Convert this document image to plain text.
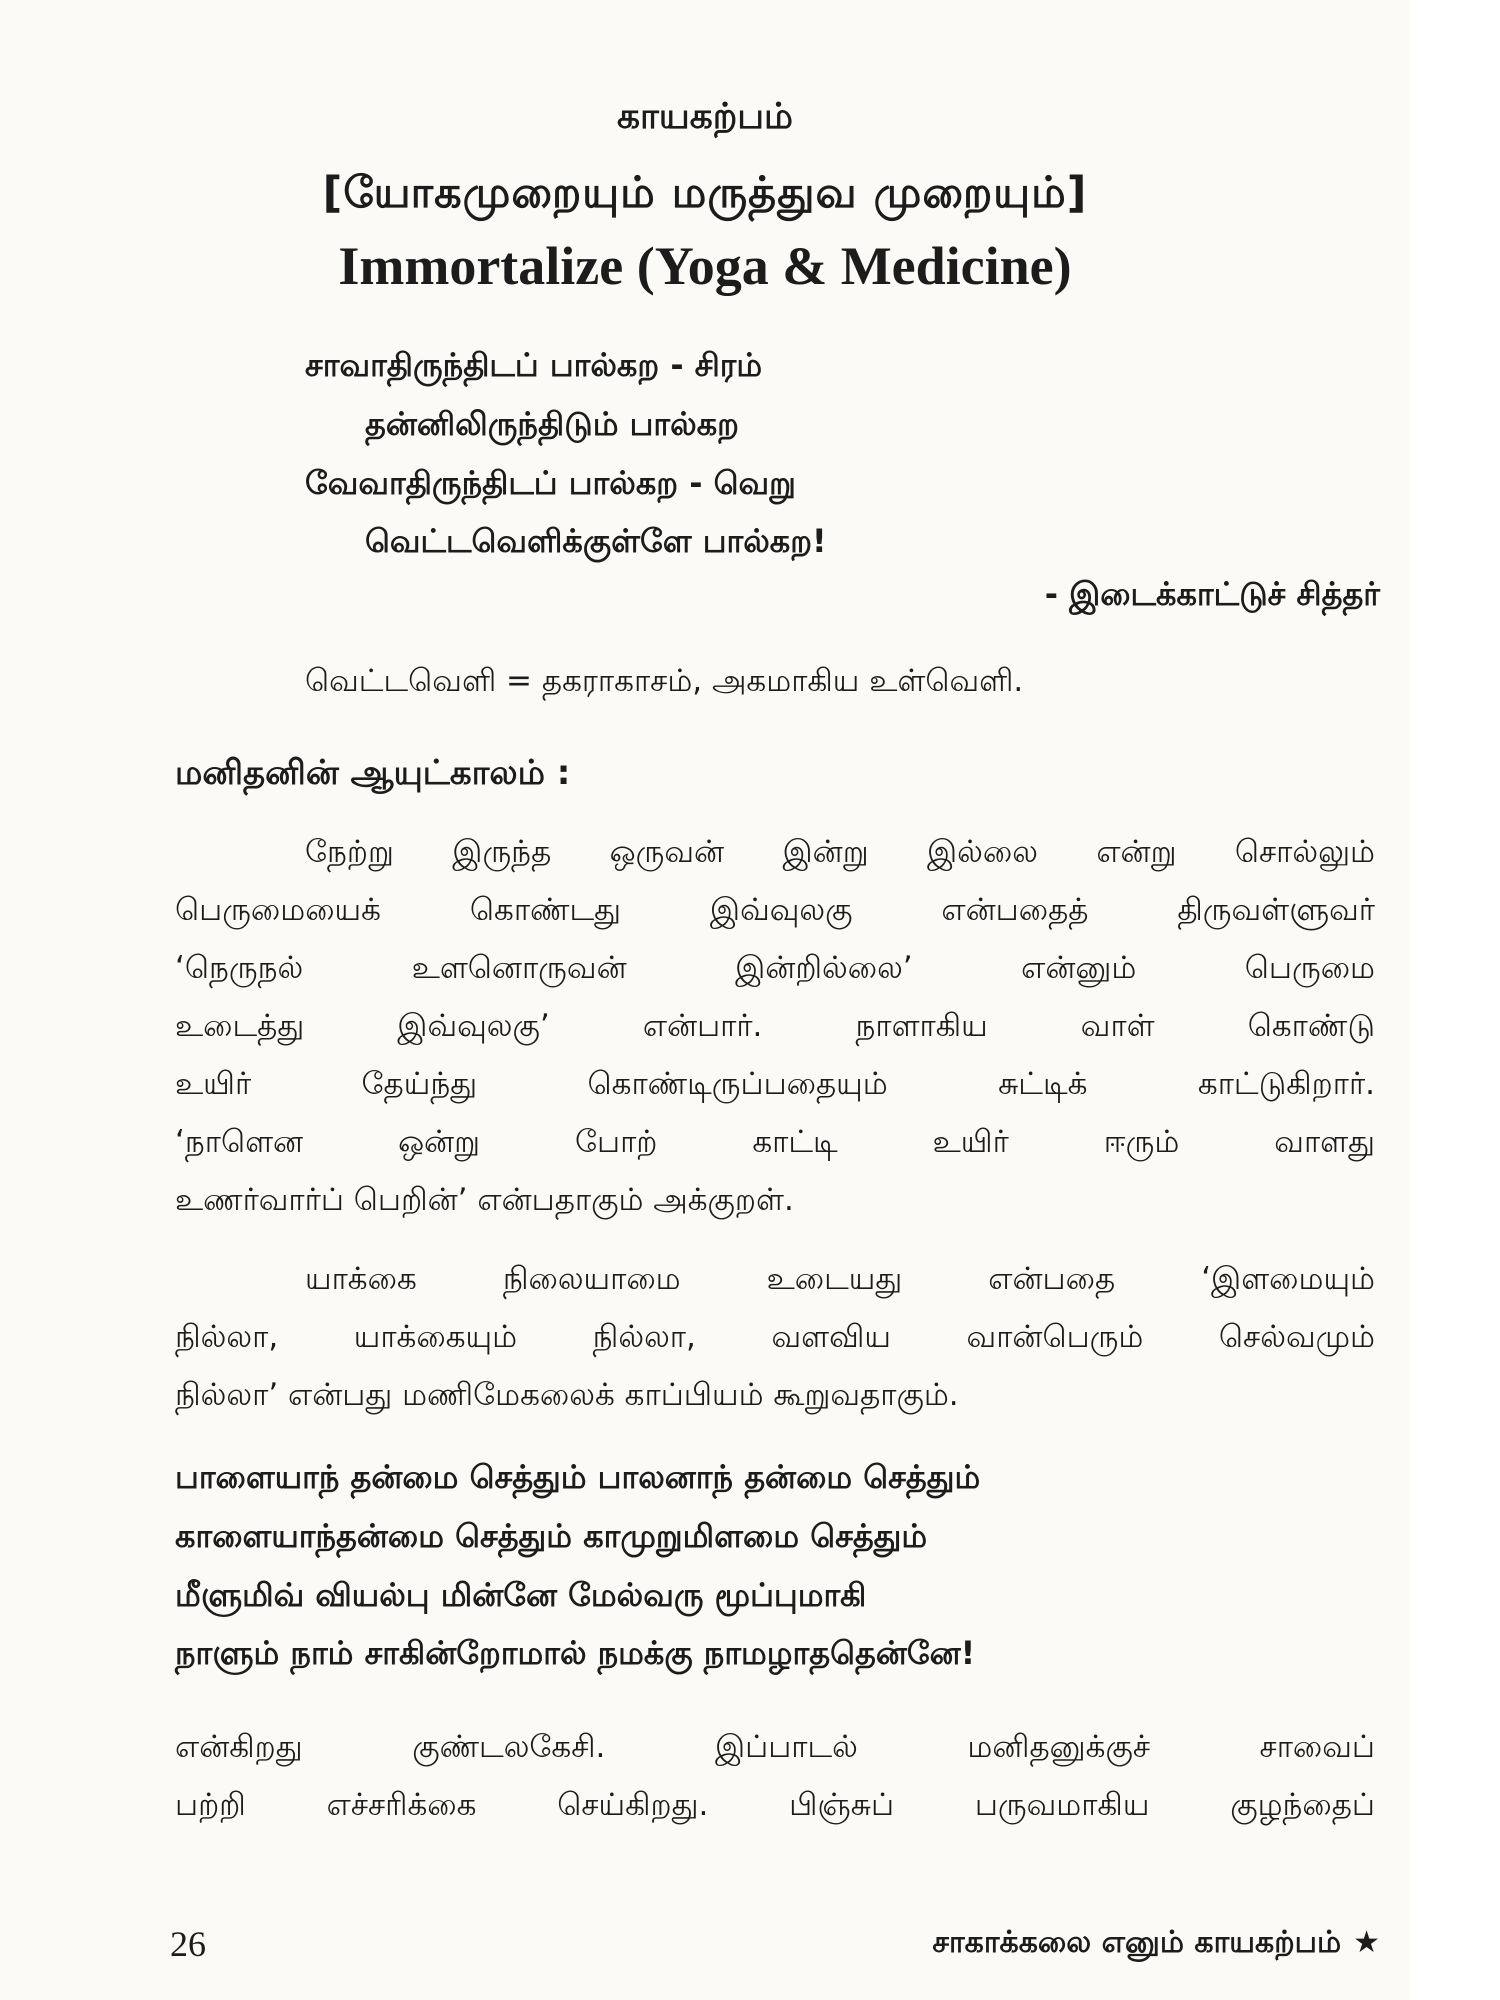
காயகற்பம்
[யோகமுறையும் மருத்துவ முறையும்]
Immortalize (Yoga & Medicine)
சாவாதிருந்திடப் பால்கற - சிரம்
தன்னிலிருந்திடும் பால்கற
வேவாதிருந்திடப் பால்கற - வெறு
வெட்டவெளிக்குள்ளே பால்கற!
- இடைக்காட்டுச் சித்தர்
வெட்டவெளி = தகராகாசம், அகமாகிய உள்வெளி.
மனிதனின் ஆயுட்காலம் :
நேற்று இருந்த ஒருவன் இன்று இல்லை என்று சொல்லும்
பெருமையைக் கொண்டது இவ்வுலகு என்பதைத் திருவள்ளுவர்
‘நெருநல் உளனொருவன் இன்றில்லை’ என்னும் பெருமை
உடைத்து இவ்வுலகு’ என்பார். நாளாகிய வாள் கொண்டு
உயிர் தேய்ந்து கொண்டிருப்பதையும் சுட்டிக் காட்டுகிறார்.
‘நாளென ஒன்று போற் காட்டி உயிர் ஈரும் வாளது
உணர்வார்ப் பெறின்’ என்பதாகும் அக்குறள்.
யாக்கை நிலையாமை உடையது என்பதை ‘இளமையும்
நில்லா, யாக்கையும் நில்லா, வளவிய வான்பெரும் செல்வமும்
நில்லா’ என்பது மணிமேகலைக் காப்பியம் கூறுவதாகும்.
பாளையாந் தன்மை செத்தும் பாலனாந் தன்மை செத்தும்
காளையாந்தன்மை செத்தும் காமுறுமிளமை செத்தும்
மீளுமிவ் வியல்பு மின்னே மேல்வரு மூப்புமாகி
நாளும் நாம் சாகின்றோமால் நமக்கு நாமழாததென்னே!
என்கிறது குண்டலகேசி. இப்பாடல் மனிதனுக்குச் சாவைப்
பற்றி எச்சரிக்கை செய்கிறது. பிஞ்சுப் பருவமாகிய குழந்தைப்
26	சாகாக்கலை எனும் காயகற்பம் ★
